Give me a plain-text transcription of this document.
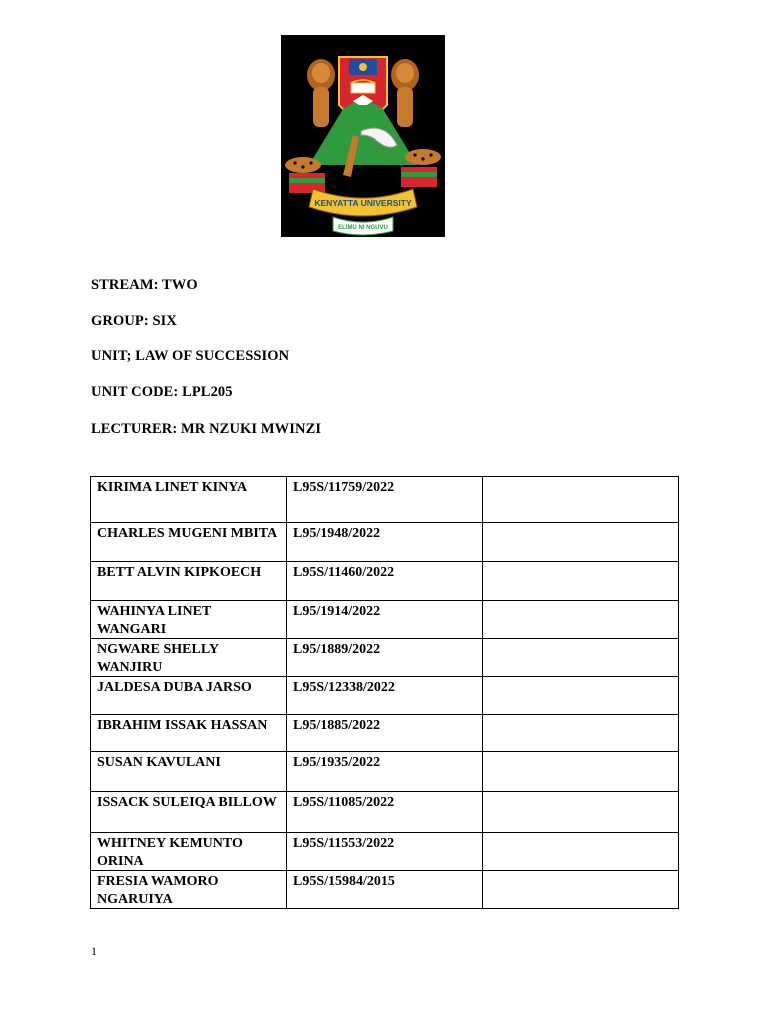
KENYATTA UNIVERSITY
ELIMU NI NGUVU
STREAM: TWO
GROUP: SIX
UNIT; LAW OF SUCCESSION
UNIT CODE: LPL205
LECTURER: MR NZUKI MWINZI
KIRIMA LINET KINYA	L95S/11759/2022	
CHARLES MUGENI MBITA	L95/1948/2022	
BETT ALVIN KIPKOECH	L95S/11460/2022	
WAHINYA LINET WANGARI	L95/1914/2022	
NGWARE SHELLY WANJIRU	L95/1889/2022	
JALDESA DUBA JARSO	L95S/12338/2022	
IBRAHIM ISSAK HASSAN	L95/1885/2022	
SUSAN KAVULANI	L95/1935/2022	
ISSACK SULEIQA BILLOW	L95S/11085/2022	
WHITNEY KEMUNTO ORINA	L95S/11553/2022	
FRESIA WAMORO NGARUIYA	L95S/15984/2015	
1
